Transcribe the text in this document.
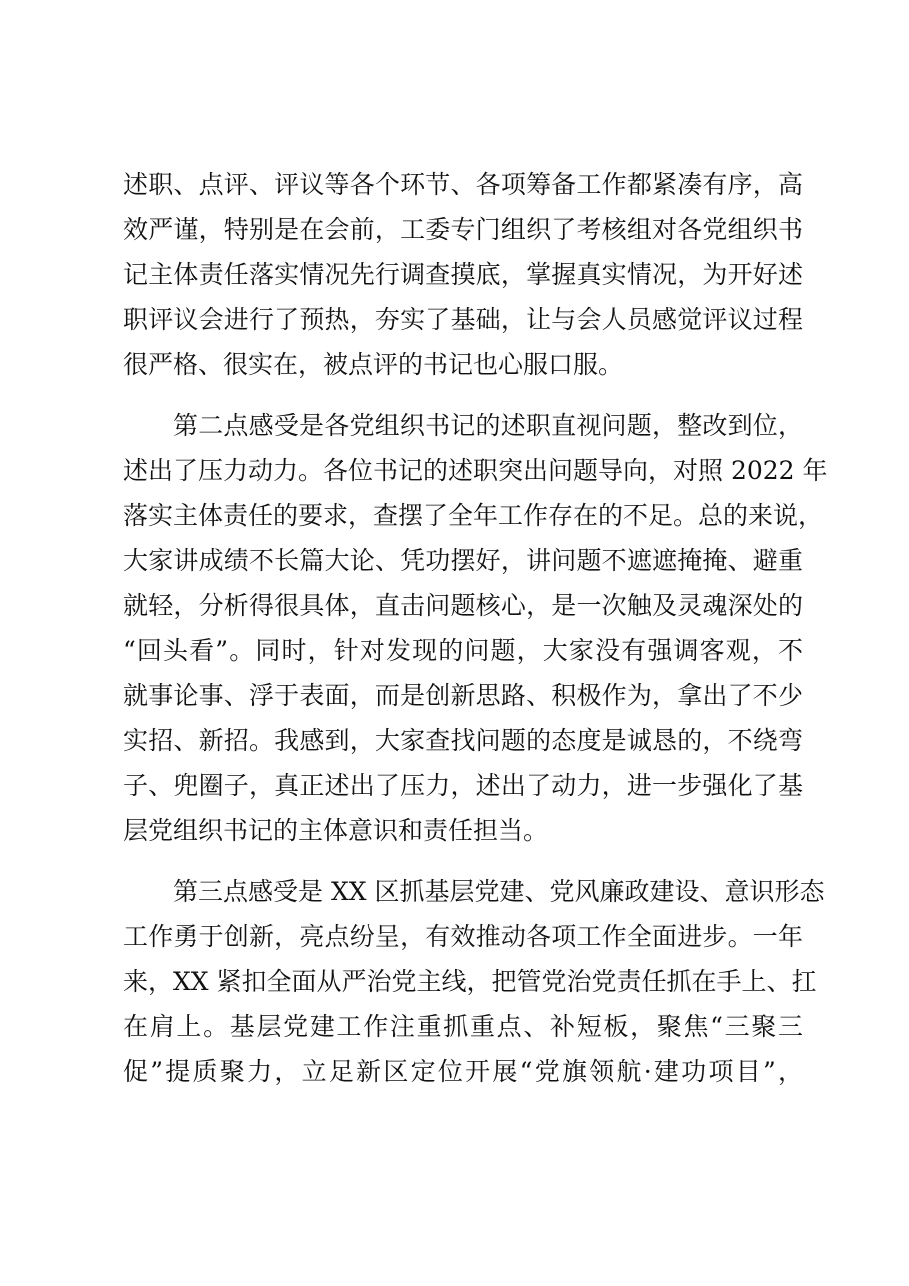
述职、点评、评议等各个环节、各项筹备工作都紧凑有序，高
效严谨，特别是在会前，工委专门组织了考核组对各党组织书
记主体责任落实情况先行调查摸底，掌握真实情况，为开好述
职评议会进行了预热，夯实了基础，让与会人员感觉评议过程
很严格、很实在，被点评的书记也心服口服。
第二点感受是各党组织书记的述职直视问题，整改到位，
述出了压力动力。各位书记的述职突出问题导向，对照 2022 年
落实主体责任的要求，查摆了全年工作存在的不足。总的来说，
大家讲成绩不长篇大论、凭功摆好，讲问题不遮遮掩掩、避重
就轻，分析得很具体，直击问题核心，是一次触及灵魂深处的
“回头看”。同时，针对发现的问题，大家没有强调客观，不
就事论事、浮于表面，而是创新思路、积极作为，拿出了不少
实招、新招。我感到，大家查找问题的态度是诚恳的，不绕弯
子、兜圈子，真正述出了压力，述出了动力，进一步强化了基
层党组织书记的主体意识和责任担当。
第三点感受是 XX 区抓基层党建、党风廉政建设、意识形态
工作勇于创新，亮点纷呈，有效推动各项工作全面进步。一年
来，XX 紧扣全面从严治党主线，把管党治党责任抓在手上、扛
在肩上。基层党建工作注重抓重点、补短板，聚焦“三聚三
促”提质聚力，立足新区定位开展“党旗领航·建功项目”，
